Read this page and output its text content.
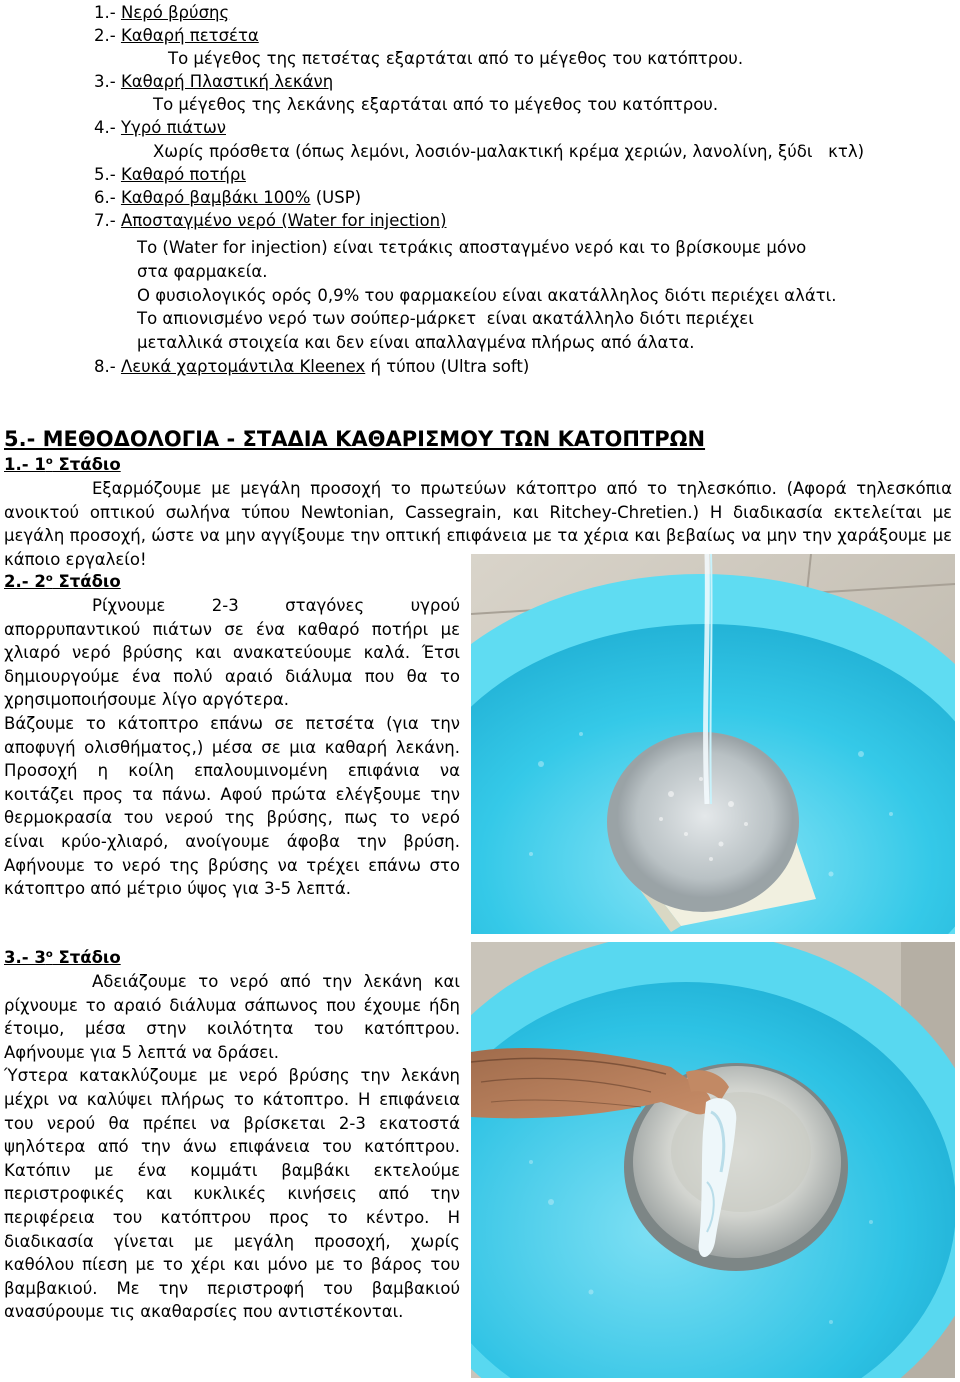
1.- Νερό βρύσης
2.- Καθαρή πετσέτα
Το μέγεθος της πετσέτας εξαρτάται από το μέγεθος του κατόπτρου.
3.- Καθαρή Πλαστική λεκάνη
Το μέγεθος της λεκάνης εξαρτάται από το μέγεθος του κατόπτρου.
4.- Υγρό πιάτων
Χωρίς πρόσθετα (όπως λεμόνι, λοσιόν-μαλακτική κρέμα χεριών, λανολίνη, ξύδι   κτλ)
5.- Καθαρό ποτήρι
6.- Καθαρό βαμβάκι 100% (USP)
7.- Αποσταγμένο νερό (Water for injection)
Το (Water for injection) είναι τετράκις αποσταγμένο νερό και το βρίσκουμε μόνο
στα φαρμακεία.
Ο φυσιολογικός ορός 0,9% του φαρμακείου είναι ακατάλληλος διότι περιέχει αλάτι.
Το απιονισμένο νερό των σούπερ-μάρκετ  είναι ακατάλληλο διότι περιέχει
μεταλλικά στοιχεία και δεν είναι απαλλαγμένα πλήρως από άλατα.
8.- Λευκά χαρτομάντιλα Kleenex ή τύπου (Ultra soft)
5.- ΜΕΘΟΔΟΛΟΓΙΑ - ΣΤΑΔΙΑ ΚΑΘΑΡΙΣΜΟΥ ΤΩΝ ΚΑΤΟΠΤΡΩΝ
1.- $1^o$ Στάδιο

Εξαρμόζουμε με μεγάλη προσοχή το πρωτεύων κάτοπτρο από το τηλεσκόπιο. (Αφορά τηλεσκόπια ανοικτού οπτικού σωλήνα τύπου Newtonian, Cassegrain, και Ritchey-Chretien.) Η διαδικασία εκτελείται με μεγάλη προσοχή, ώστε να μην αγγίξουμε την οπτική επιφάνεια με τα χέρια και βεβαίως να μην την χαράξουμε με κάποιο εργαλείο!

2.- $2^o$ Στάδιο

Ρίχνουμε 2-3 σταγόνες υγρού απορρυπαντικού πιάτων σε ένα καθαρό ποτήρι με χλιαρό νερό βρύσης και ανακατεύουμε καλά. Έτσι δημιουργούμε ένα πολύ αραιό διάλυμα που θα το χρησιμοποιήσουμε λίγο αργότερα.

Βάζουμε το κάτοπτρο επάνω σε πετσέτα (για την αποφυγή ολισθήματος,) μέσα σε μια καθαρή λεκάνη. Προσοχή η κοίλη επαλουμινομένη επιφάνια να κοιτάζει προς τα πάνω. Αφού πρώτα ελέγξουμε την θερμοκρασία του νερού της βρύσης, πως το νερό είναι κρύο-χλιαρό, ανοίγουμε άφοβα την βρύση. Αφήνουμε το νερό της βρύσης να τρέχει επάνω στο κάτοπτρο από μέτριο ύψος για 3-5 λεπτά.

3.- $3^o$ Στάδιο

Αδειάζουμε το νερό από την λεκάνη και ρίχνουμε το αραιό διάλυμα σάπωνος που έχουμε ήδη έτοιμο, μέσα στην κοιλότητα του κατόπτρου. Αφήνουμε για 5 λεπτά να δράσει.

Ύστερα κατακλύζουμε με νερό βρύσης την λεκάνη μέχρι να καλύψει πλήρως το κάτοπτρο. Η επιφάνεια του νερού θα πρέπει να βρίσκεται 2-3 εκατοστά ψηλότερα από την άνω επιφάνεια του κατόπτρου. Κατόπιν με ένα κομμάτι βαμβάκι εκτελούμε περιστροφικές και κυκλικές κινήσεις από την περιφέρεια του κατόπτρου προς το κέντρο. Η διαδικασία γίνεται με μεγάλη προσοχή, χωρίς καθόλου πίεση με το χέρι και μόνο με το βάρος του βαμβακιού. Με την περιστροφή του βαμβακιού ανασύρουμε τις ακαθαρσίες που αντιστέκονται.
